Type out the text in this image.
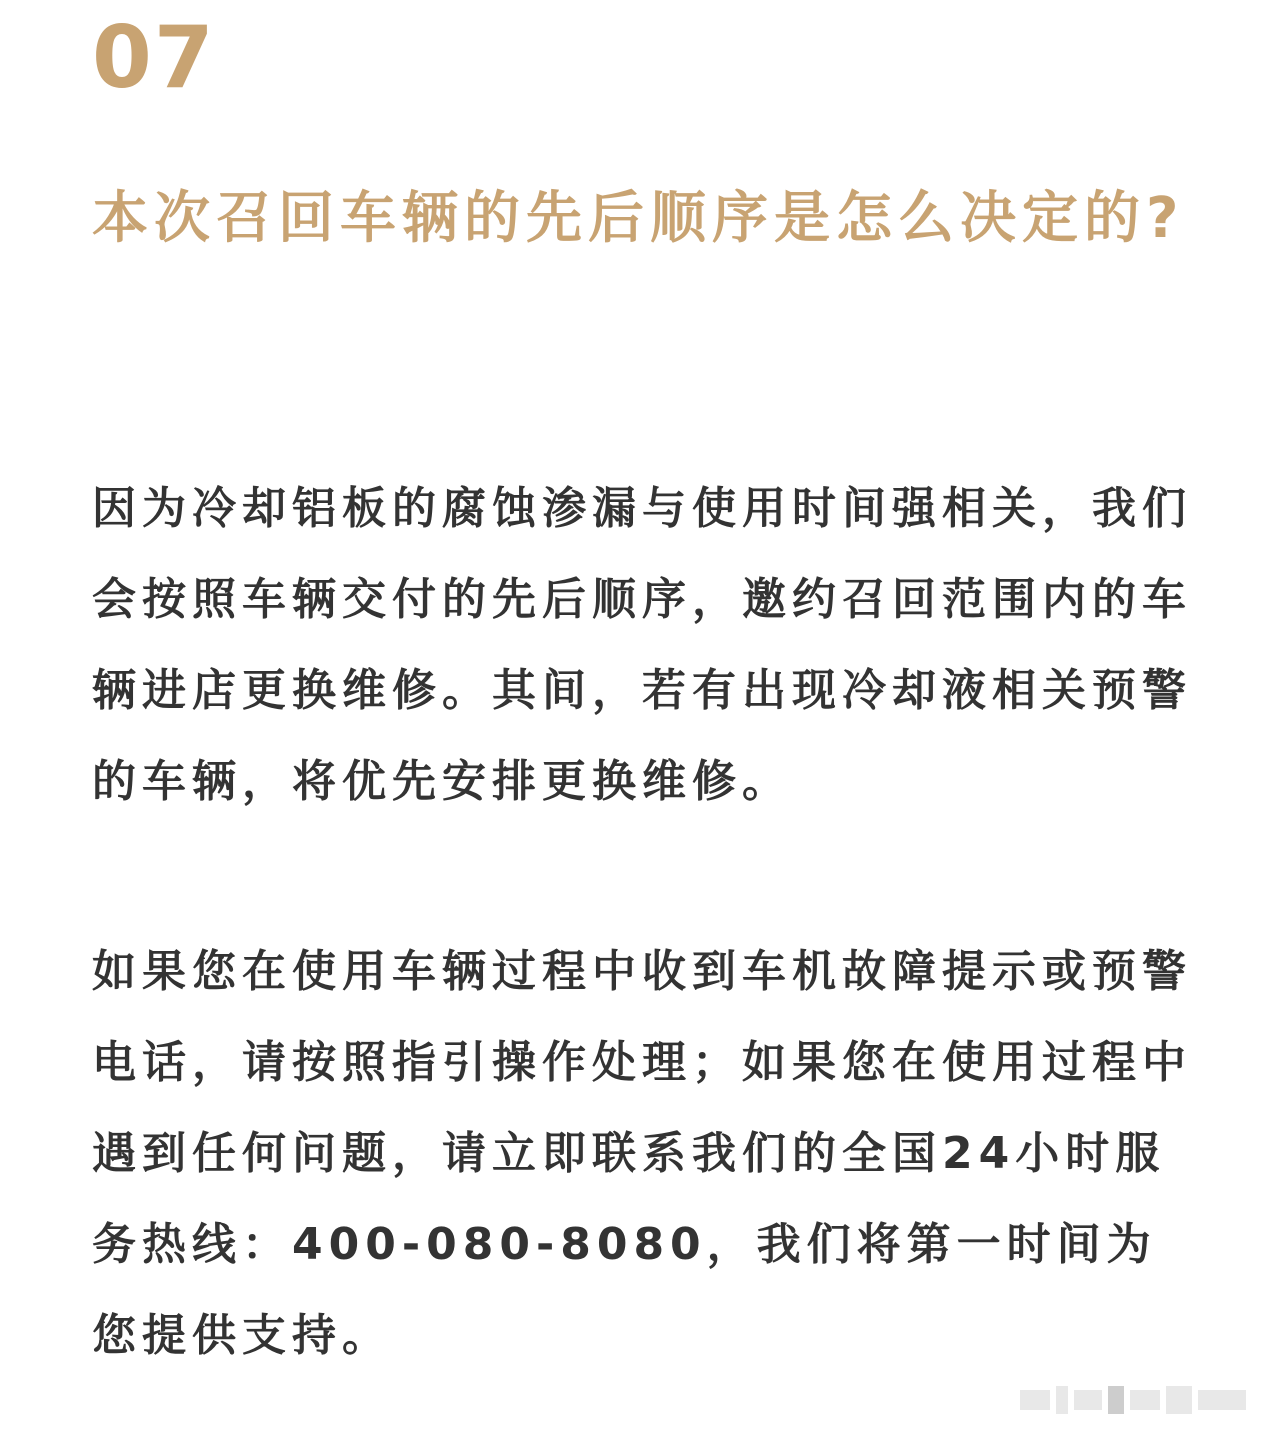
07
本次召回车辆的先后顺序是怎么决定的?

因为冷却铝板的腐蚀渗漏与使用时间强相关，我们会按照车辆交付的先后顺序，邀约召回范围内的车辆进店更换维修。其间，若有出现冷却液相关预警的车辆，将优先安排更换维修。

如果您在使用车辆过程中收到车机故障提示或预警电话，请按照指引操作处理；如果您在使用过程中遇到任何问题，请立即联系我们的全国24小时服务热线：400-080-8080，我们将第一时间为您提供支持。
